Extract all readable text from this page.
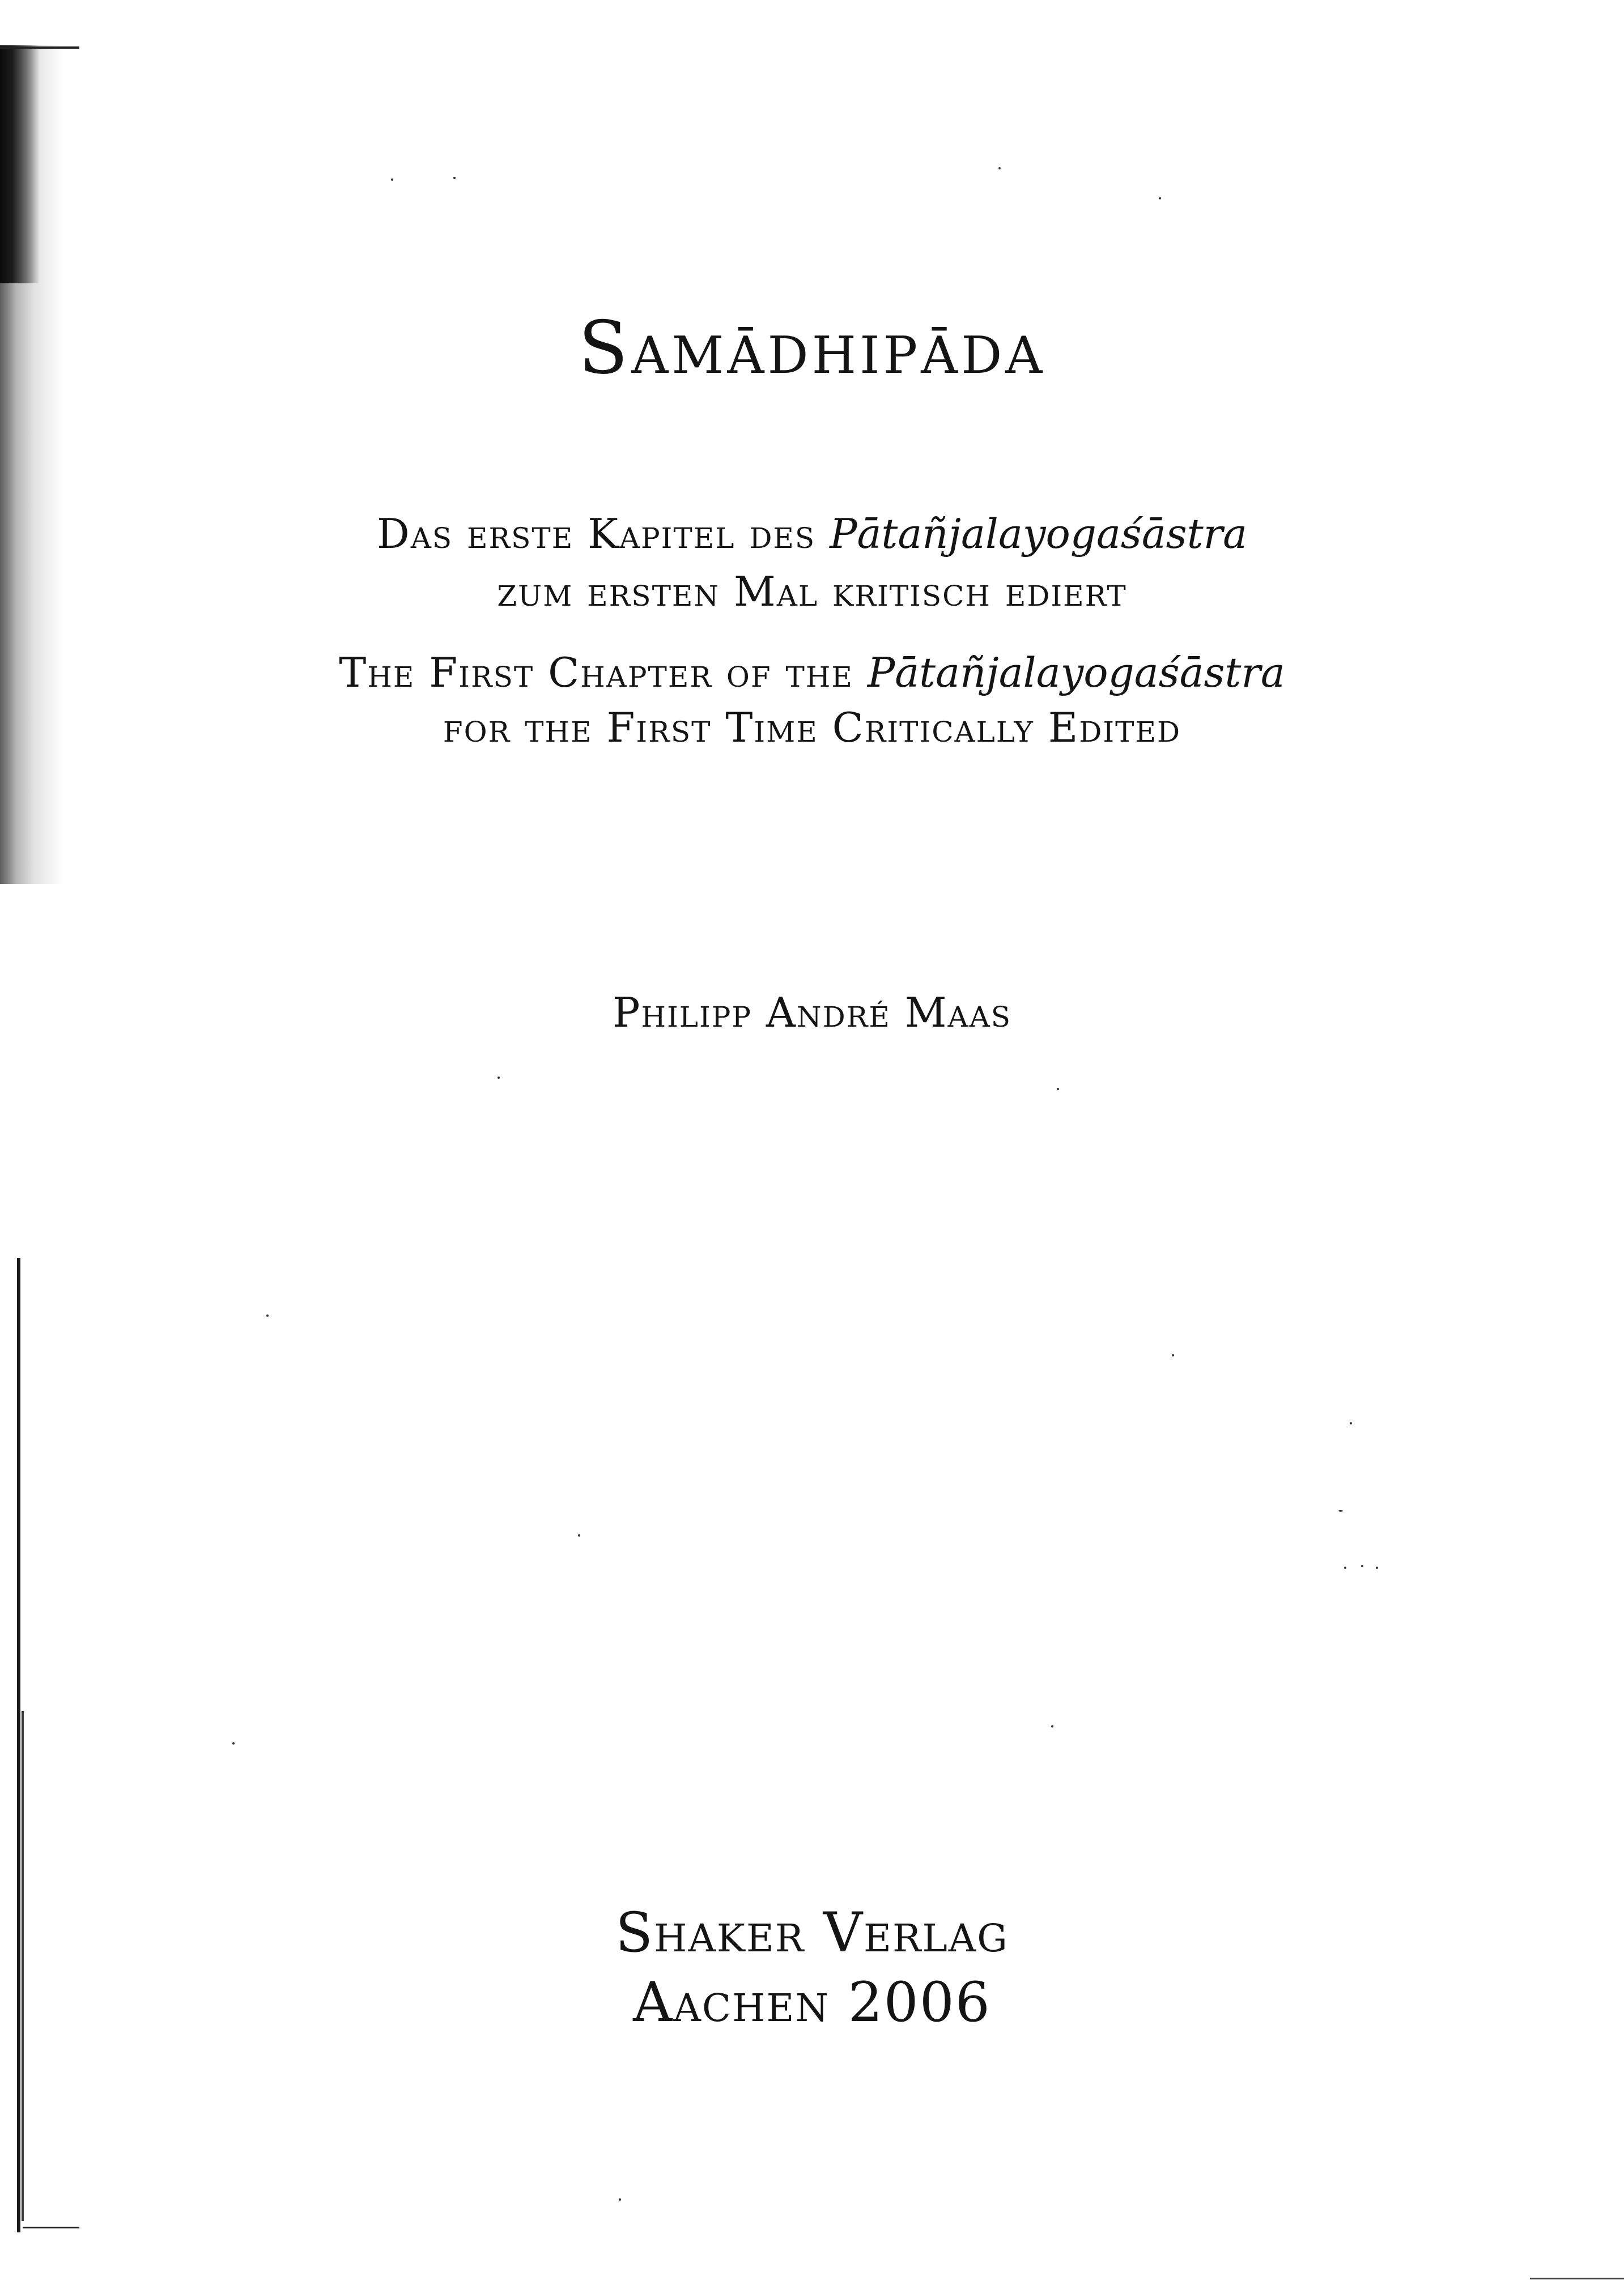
Samādhipāda
Das erste Kapitel des Pātañjalayogaśāstra
zum ersten Mal kritisch ediert
The First Chapter of the Pātañjalayogaśāstra
for the First Time Critically Edited
Philipp André Maas
Shaker Verlag
Aachen 2006
